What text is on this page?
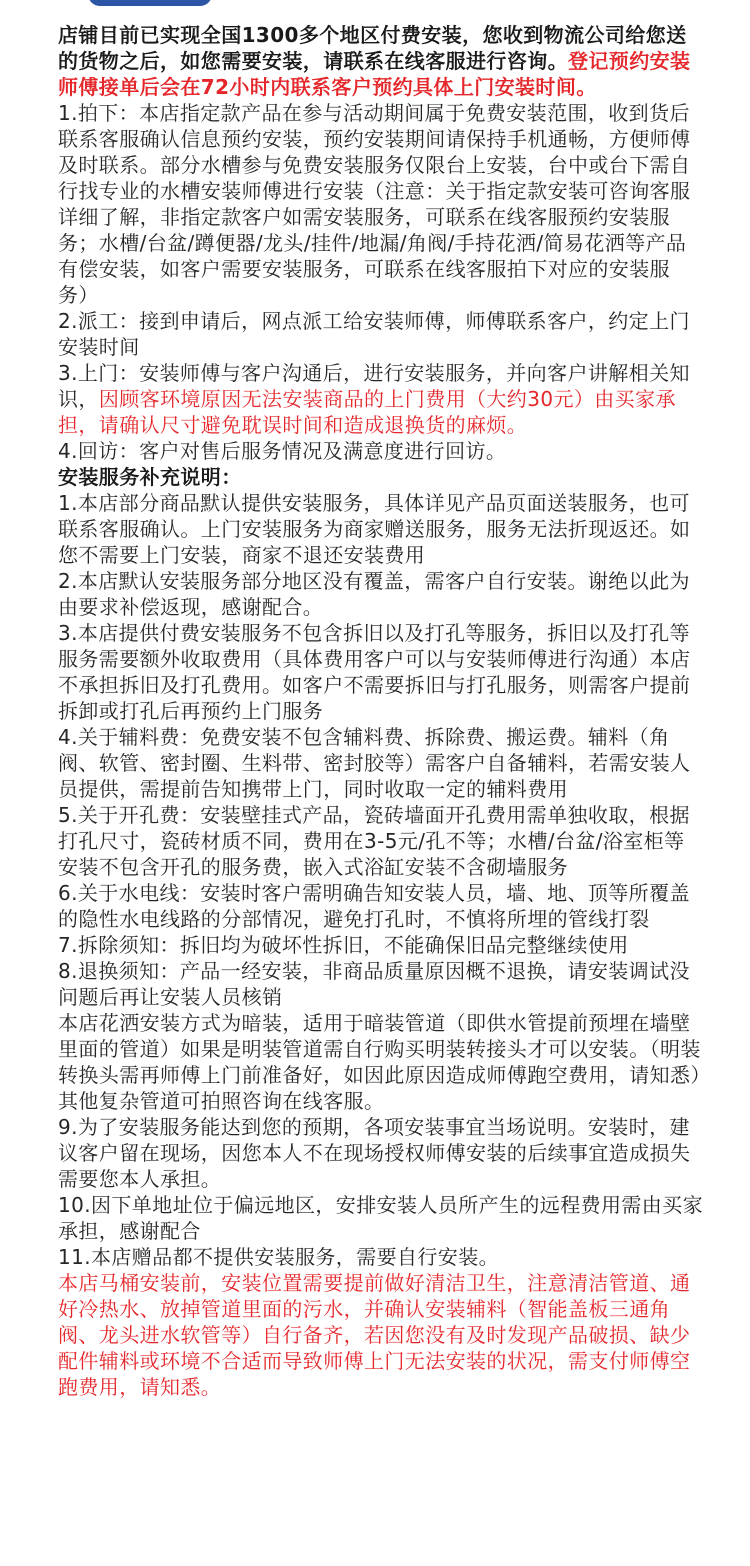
店铺目前已实现全国1300多个地区付费安装，您收到物流公司给您送的货物之后，如您需要安装，请联系在线客服进行咨询。登记预约安装师傅接单后会在72小时内联系客户预约具体上门安装时间。
1.拍下：本店指定款产品在参与活动期间属于免费安装范围，收到货后联系客服确认信息预约安装，预约安装期间请保持手机通畅，方便师傅及时联系。部分水槽参与免费安装服务仅限台上安装，台中或台下需自行找专业的水槽安装师傅进行安装（注意：关于指定款安装可咨询客服详细了解，非指定款客户如需安装服务，可联系在线客服预约安装服务；水槽/台盆/蹲便器/龙头/挂件/地漏/角阀/手持花洒/简易花洒等产品有偿安装，如客户需要安装服务，可联系在线客服拍下对应的安装服务）
2.派工：接到申请后，网点派工给安装师傅，师傅联系客户，约定上门安装时间
3.上门：安装师傅与客户沟通后，进行安装服务，并向客户讲解相关知识，因顾客环境原因无法安装商品的上门费用（大约30元）由买家承担，请确认尺寸避免耽误时间和造成退换货的麻烦。
4.回访：客户对售后服务情况及满意度进行回访。
安装服务补充说明：
1.本店部分商品默认提供安装服务，具体详见产品页面送装服务，也可联系客服确认。上门安装服务为商家赠送服务，服务无法折现返还。如您不需要上门安装，商家不退还安装费用
2.本店默认安装服务部分地区没有覆盖，需客户自行安装。谢绝以此为由要求补偿返现，感谢配合。
3.本店提供付费安装服务不包含拆旧以及打孔等服务，拆旧以及打孔等服务需要额外收取费用（具体费用客户可以与安装师傅进行沟通）本店不承担拆旧及打孔费用。如客户不需要拆旧与打孔服务，则需客户提前拆卸或打孔后再预约上门服务
4.关于辅料费：免费安装不包含辅料费、拆除费、搬运费。辅料（角阀、软管、密封圈、生料带、密封胶等）需客户自备辅料，若需安装人员提供，需提前告知携带上门，同时收取一定的辅料费用
5.关于开孔费：安装壁挂式产品，瓷砖墙面开孔费用需单独收取，根据打孔尺寸，瓷砖材质不同，费用在3-5元/孔不等；水槽/台盆/浴室柜等安装不包含开孔的服务费，嵌入式浴缸安装不含砌墙服务
6.关于水电线：安装时客户需明确告知安装人员，墙、地、顶等所覆盖的隐性水电线路的分部情况，避免打孔时，不慎将所埋的管线打裂
7.拆除须知：拆旧均为破坏性拆旧，不能确保旧品完整继续使用
8.退换须知：产品一经安装，非商品质量原因概不退换，请安装调试没问题后再让安装人员核销
本店花洒安装方式为暗装，适用于暗装管道（即供水管提前预埋在墙壁里面的管道）如果是明装管道需自行购买明装转接头才可以安装。（明装转换头需再师傅上门前准备好，如因此原因造成师傅跑空费用，请知悉）其他复杂管道可拍照咨询在线客服。
9.为了安装服务能达到您的预期，各项安装事宜当场说明。安装时，建议客户留在现场，因您本人不在现场授权师傅安装的后续事宜造成损失需要您本人承担。
10.因下单地址位于偏远地区，安排安装人员所产生的远程费用需由买家承担，感谢配合
11.本店赠品都不提供安装服务，需要自行安装。
本店马桶安装前，安装位置需要提前做好清洁卫生，注意清洁管道、通好冷热水、放掉管道里面的污水，并确认安装辅料（智能盖板三通角阀、龙头进水软管等）自行备齐，若因您没有及时发现产品破损、缺少配件辅料或环境不合适而导致师傅上门无法安装的状况，需支付师傅空跑费用，请知悉。
